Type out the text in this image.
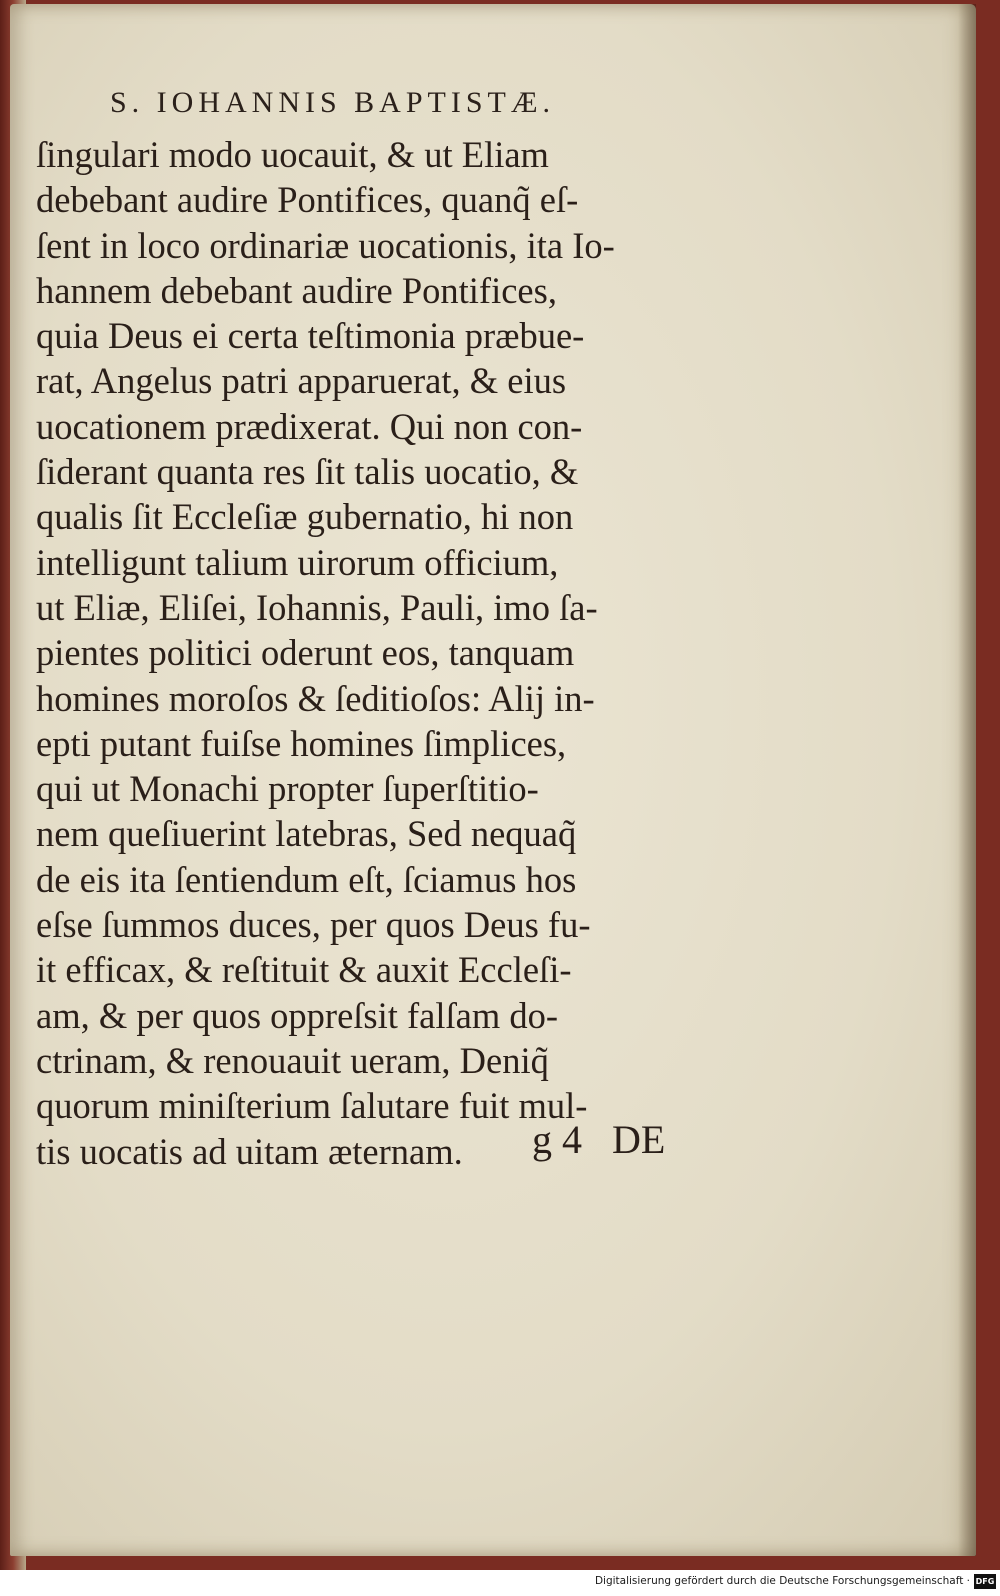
S. IOHANNIS BAPTISTÆ.
ſingulari modo uocauit, & ut Eliam
debebant audire Pontifices, quanq̃ eſ-
ſent in loco ordinariæ uocationis, ita Io-
hannem debebant audire Pontifices,
quia Deus ei certa teſtimonia præbue-
rat, Angelus patri apparuerat, & eius
uocationem prædixerat. Qui non con-
ſiderant quanta res ſit talis uocatio, &
qualis ſit Eccleſiæ gubernatio, hi non
intelligunt talium uirorum officium,
ut Eliæ, Eliſei, Iohannis, Pauli, imo ſa-
pientes politici oderunt eos, tanquam
homines moroſos & ſeditioſos: Alij in-
epti putant fuiſse homines ſimplices,
qui ut Monachi propter ſuperſtitio-
nem queſiuerint latebras, Sed nequaq̃
de eis ita ſentiendum eſt, ſciamus hos
eſse ſummos duces, per quos Deus fu-
it efficax, & reſtituit & auxit Eccleſi-
am, & per quos oppreſsit falſam do-
ctrinam, & renouauit ueram, Deniq̃
quorum miniſterium ſalutare fuit mul-
tis uocatis ad uitam æternam.	g 4 DE
Digitalisierung gefördert durch die Deutsche Forschungsgemeinschaft · DFG
